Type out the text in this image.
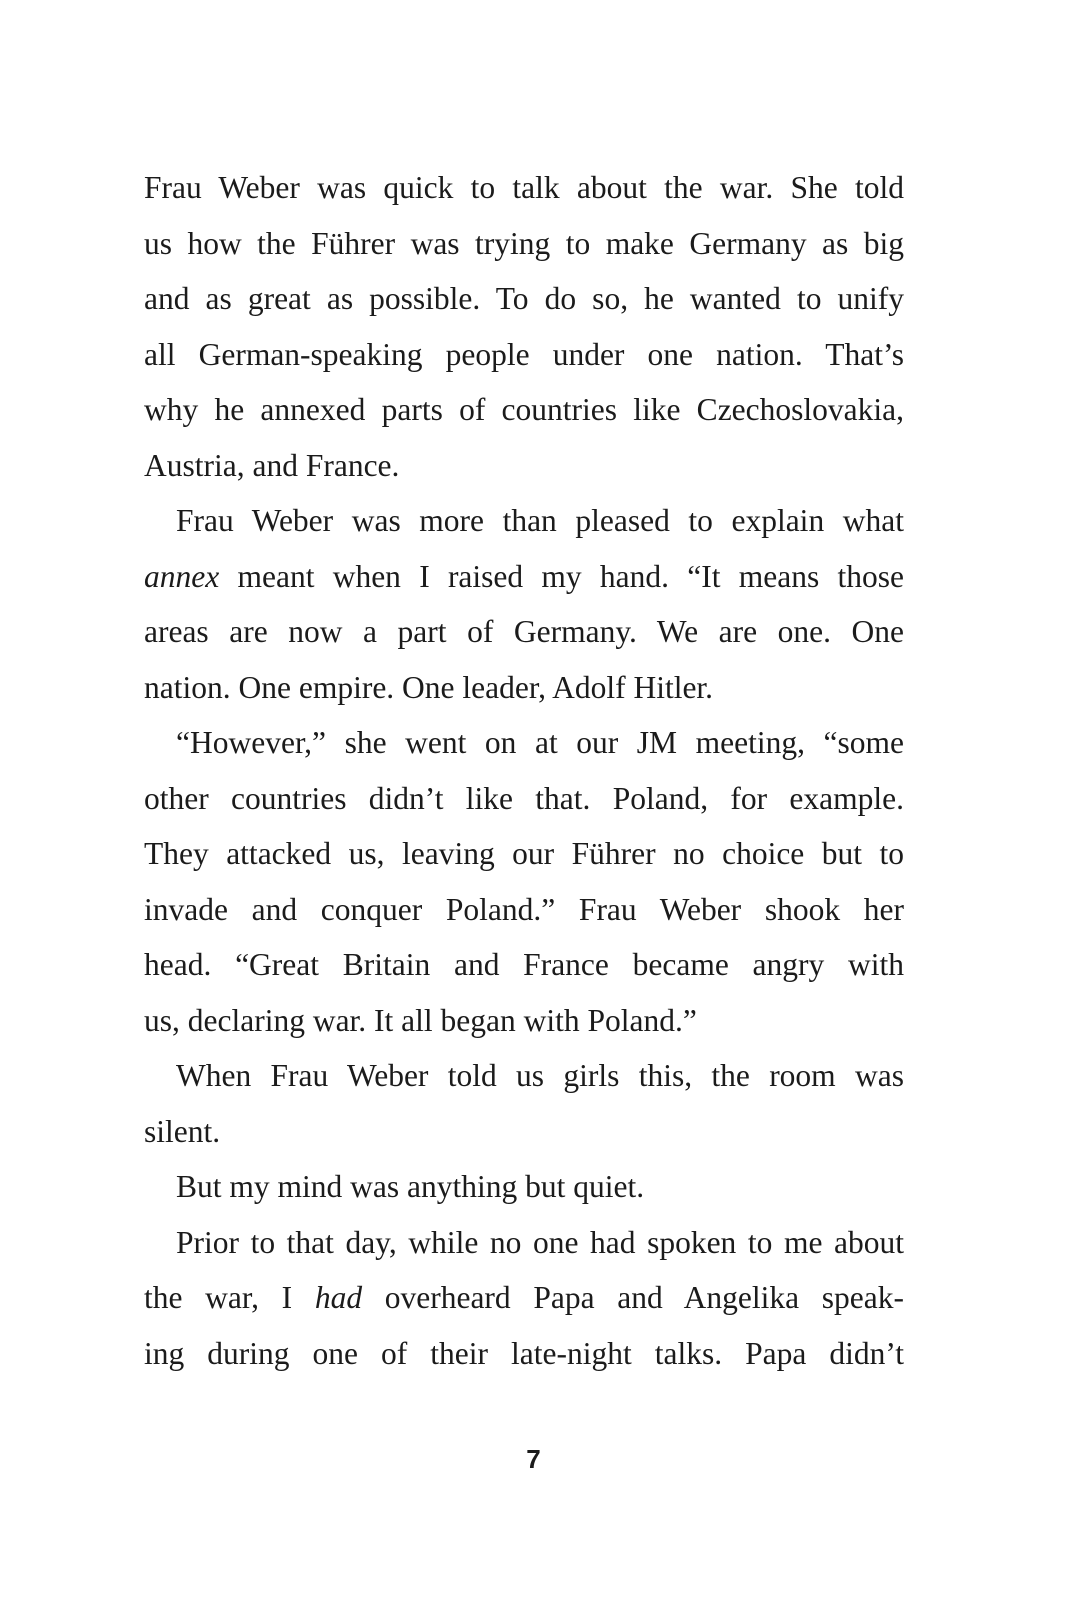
Frau Weber was quick to talk about the war. She told
us how the Führer was trying to make Germany as big
and as great as possible. To do so, he wanted to unify
all German-speaking people under one nation. That’s
why he annexed parts of countries like Czechoslovakia,
Austria, and France.
Frau Weber was more than pleased to explain what
annex meant when I raised my hand. “It means those
areas are now a part of Germany. We are one. One
nation. One empire. One leader, Adolf Hitler.
“However,” she went on at our JM meeting, “some
other countries didn’t like that. Poland, for example.
They attacked us, leaving our Führer no choice but to
invade and conquer Poland.” Frau Weber shook her
head. “Great Britain and France became angry with
us, declaring war. It all began with Poland.”
When Frau Weber told us girls this, the room was
silent.
But my mind was anything but quiet.
Prior to that day, while no one had spoken to me about
the war, I had overheard Papa and Angelika speak-
ing during one of their late-night talks. Papa didn’t
7
